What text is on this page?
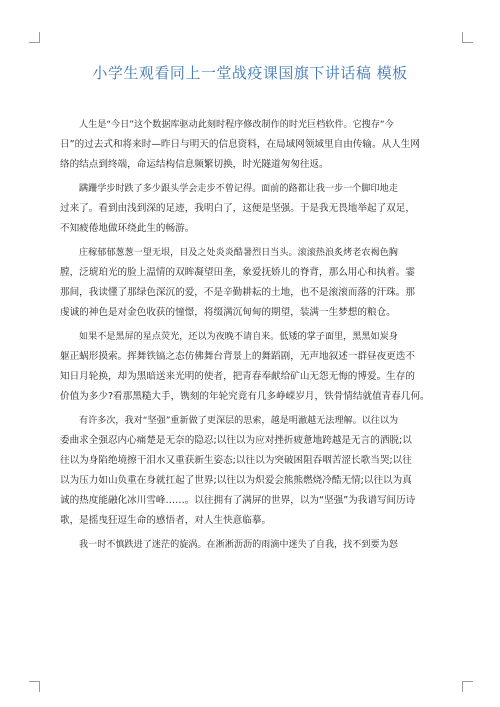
小学生观看同上一堂战疫课国旗下讲话稿 模板

人生是“今日”这个数据库驱动此刻时程序修改制作的时光巨档软件。它搜存“今
日”的过去式和将来时—昨日与明天的信息资料，在局域网领域里自由传输。从人生网
络的结点到终端，命运结构信息频繁切换，时光隧道匆匆往返。

蹒跚学步时跌了多少跟头学会走步不曾记得。面前的路都让我一步一个脚印地走
过来了。看到由浅到深的足迹，我明白了，这便是坚强。于是我无畏地举起了双足，
不知疲倦地做环绕此生的畅游。

庄稼郁郁葱葱一望无垠，目及之处炎炎酷暑烈日当头。滚滚热浪炙烤老农褐色胸
膛，泛琥珀光的脸上温情的双眸凝望田垄，象爱抚娇儿的脊背，那么用心和执着。霎
那间，我读懂了那绿色深沉的爱，不是辛勤耕耘的土地，也不是滚滚而落的汗珠。那
虔诚的神色是对金色收获的憧憬，将缀满沉甸甸的期望，装满一生梦想的粮仓。

如果不是黑屏的星点荧光，还以为夜晚不请自来。低矮的掌子面里，黑黑如炭身
躯正蜗形摸索。挥舞铁镐之态仿佛舞台背景上的舞蹈剧，无声地叙述一群昼夜更迭不
知日月轮换，却为黑暗送来光明的使者，把青春奉献给矿山无怨无悔的博爱。生存的
价值为多少?看那黑糙大手，镌刻的年轮究竟有几多峥嵘岁月，铁骨情结就值青春几何。

有许多次，我对“坚强”重新做了更深层的思索，越是明澈越无法理解。以往以为
委曲求全强忍内心痛楚是无奈的隐忍;以往以为应对挫折疲惫地跨越是无言的洒脱;以
往以为身陷绝境擦干泪水又重获新生姿态;以往以为突破困阻吞咽苦涩长歌当哭;以往
以为压力如山负重在身就扛起了世界;以往以为炽爱会熊熊燃烧冷酷无情;以往以为真
诚的热度能融化冰川雪峰……。以往拥有了满屏的世界，以为“坚强”为我谱写间历诗
歌，是摇曳狂逗生命的感悟者，对人生快意临摹。

我一时不慎跌进了迷茫的旋涡。在淅淅沥沥的雨滴中迷失了自我，找不到要为怒
